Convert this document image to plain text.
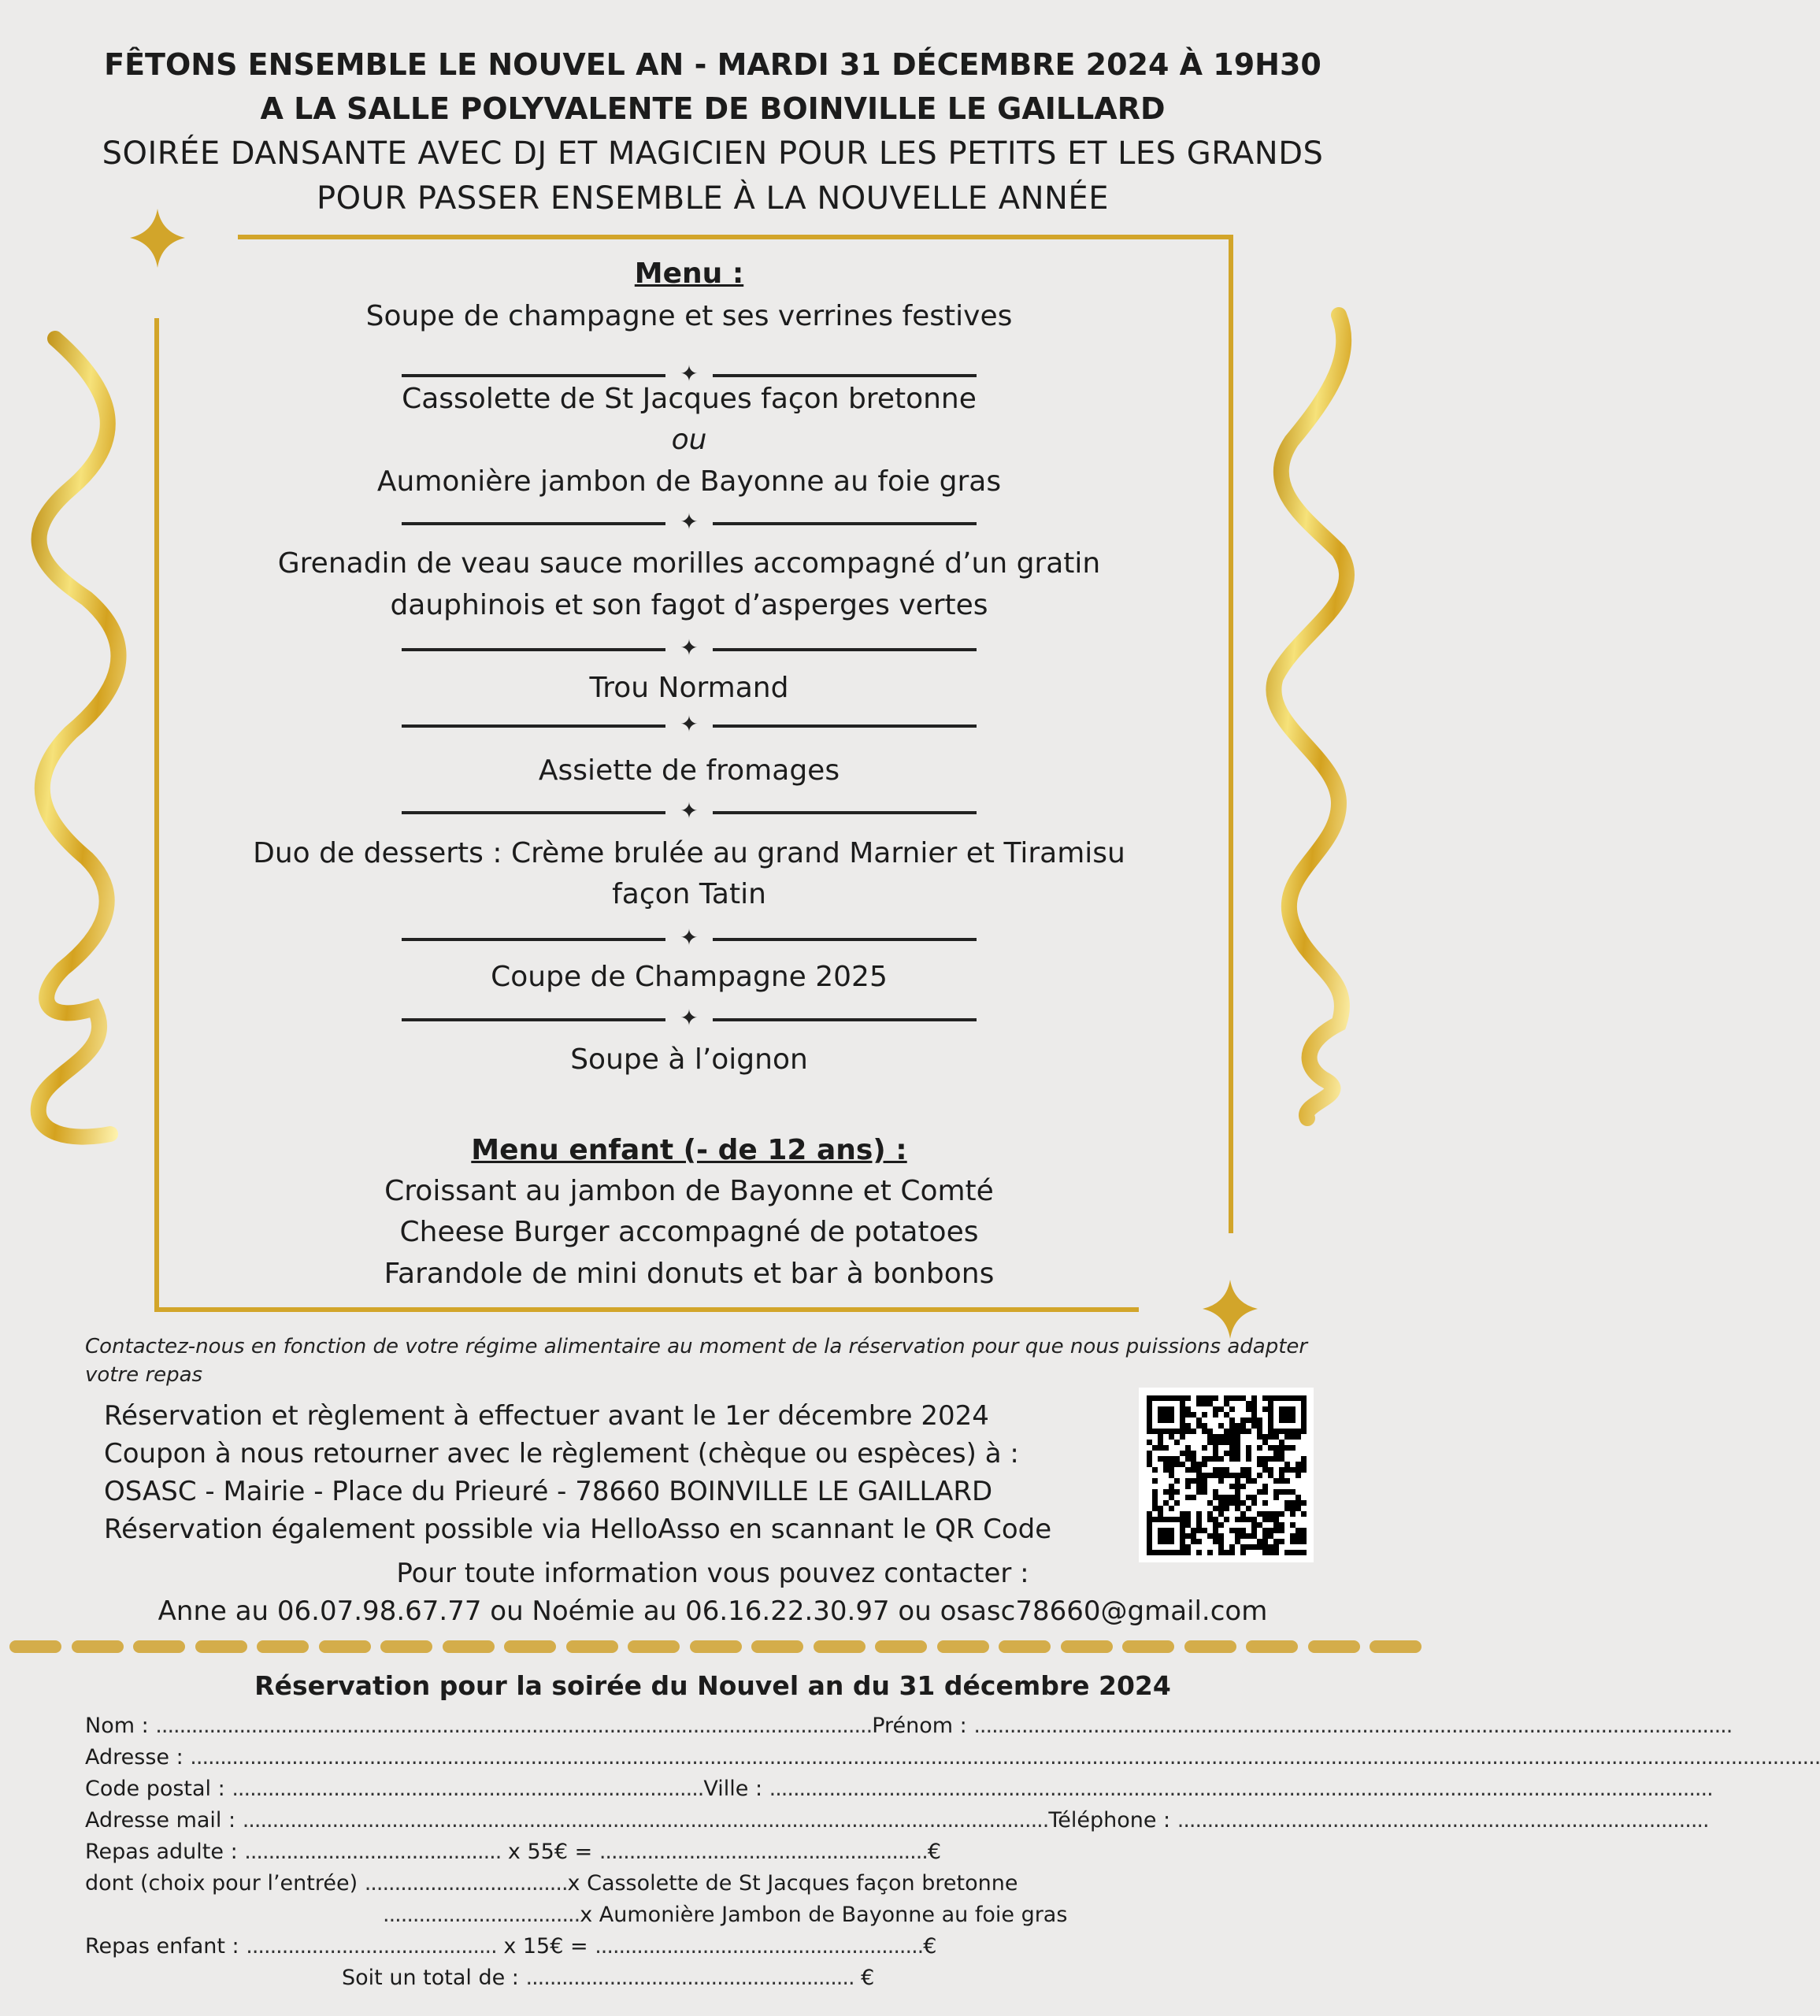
FÊTONS ENSEMBLE LE NOUVEL AN - MARDI 31 DÉCEMBRE 2024 À 19H30
A LA SALLE POLYVALENTE DE BOINVILLE LE GAILLARD
SOIRÉE DANSANTE AVEC DJ ET MAGICIEN POUR LES PETITS ET LES GRANDS
POUR PASSER ENSEMBLE À LA NOUVELLE ANNÉE
Menu :
Soupe de champagne et ses verrines festives
✦
Cassolette de St Jacques façon bretonne
ou
Aumonière jambon de Bayonne au foie gras
✦
Grenadin de veau sauce morilles accompagné d’un gratin
dauphinois et son fagot d’asperges vertes
✦
Trou Normand
✦
Assiette de fromages
✦
Duo de desserts : Crème brulée au grand Marnier et Tiramisu
façon Tatin
✦
Coupe de Champagne 2025
✦
Soupe à l’oignon
Menu enfant (- de 12 ans) :
Croissant au jambon de Bayonne et Comté
Cheese Burger accompagné de potatoes
Farandole de mini donuts et bar à bonbons
Contactez-nous en fonction de votre régime alimentaire au moment de la réservation pour que nous puissions adapter votre repas
Réservation et règlement à effectuer avant le 1er décembre 2024
Coupon à nous retourner avec le règlement (chèque ou espèces) à :
OSASC - Mairie - Place du Prieuré - 78660 BOINVILLE LE GAILLARD
Réservation également possible via HelloAsso en scannant le QR Code
Pour toute information vous pouvez contacter :
Anne au 06.07.98.67.77 ou Noémie au 06.16.22.30.97 ou osasc78660@gmail.com
Réservation pour la soirée du Nouvel an du 31 décembre 2024
Nom : ........................................................................................................................Prénom : ...............................................................................................................................
Adresse : .................................................................................................................................................................................................................................................................................
Code postal : ...............................................................................Ville : ..............................................................................................................................................................
Adresse mail : .......................................................................................................................................Téléphone : .........................................................................................
Repas adulte : ........................................... x 55€ = .......................................................€
dont (choix pour l’entrée) ..................................x Cassolette de St Jacques façon bretonne
.................................x Aumonière Jambon de Bayonne au foie gras
Repas enfant : .......................................... x 15€ = .......................................................€
Soit un total de : ....................................................... €
